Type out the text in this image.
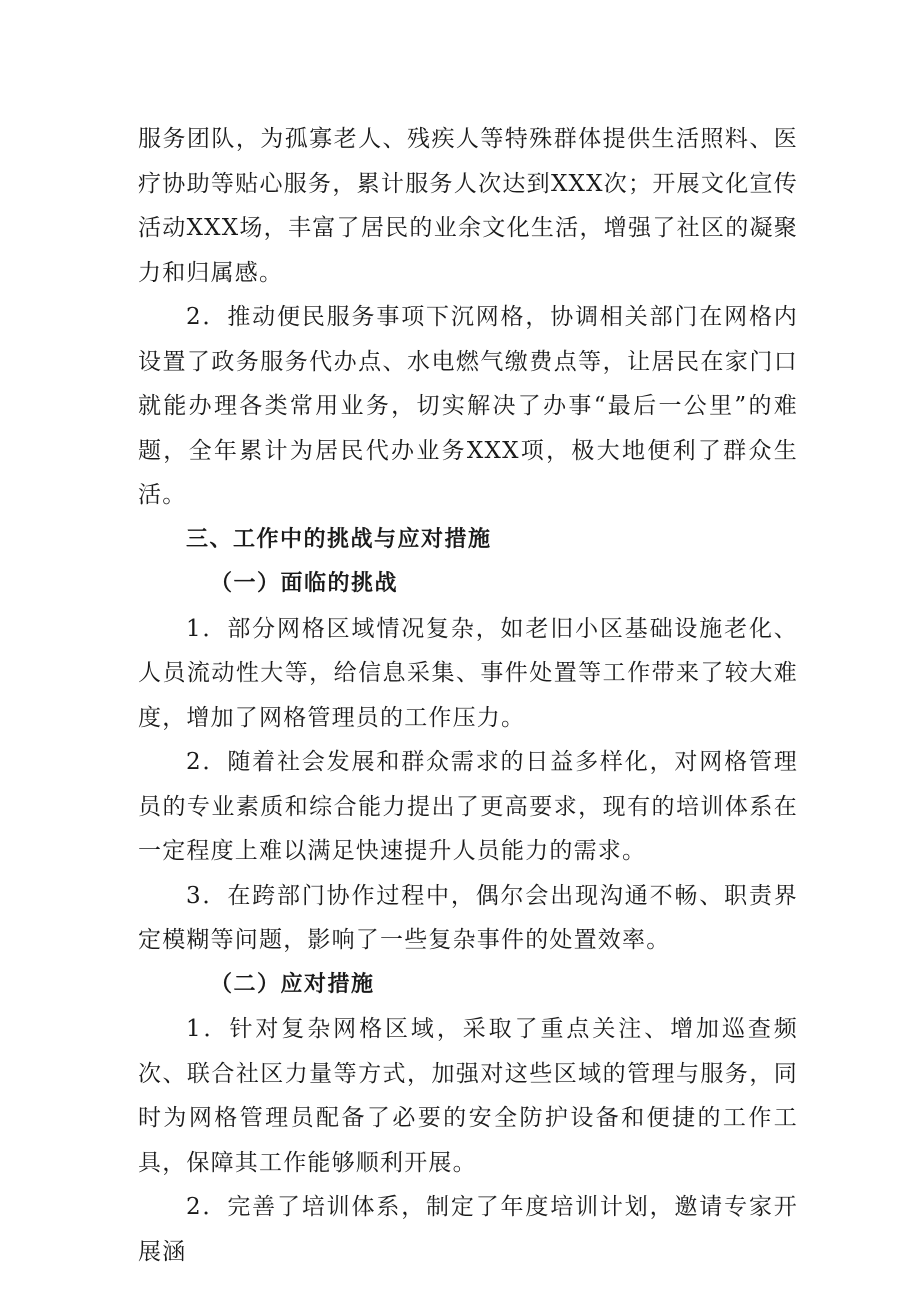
服务团队，为孤寡老人、残疾人等特殊群体提供生活照料、医疗协助等贴心服务，累计服务人次达到XXX次；开展文化宣传活动XXX场，丰富了居民的业余文化生活，增强了社区的凝聚力和归属感。

2．推动便民服务事项下沉网格，协调相关部门在网格内设置了政务服务代办点、水电燃气缴费点等，让居民在家门口就能办理各类常用业务，切实解决了办事“最后一公里”的难题，全年累计为居民代办业务XXX项，极大地便利了群众生活。

三、工作中的挑战与应对措施

（一）面临的挑战

1．部分网格区域情况复杂，如老旧小区基础设施老化、人员流动性大等，给信息采集、事件处置等工作带来了较大难度，增加了网格管理员的工作压力。

2．随着社会发展和群众需求的日益多样化，对网格管理员的专业素质和综合能力提出了更高要求，现有的培训体系在一定程度上难以满足快速提升人员能力的需求。

3．在跨部门协作过程中，偶尔会出现沟通不畅、职责界定模糊等问题，影响了一些复杂事件的处置效率。

（二）应对措施

1．针对复杂网格区域，采取了重点关注、增加巡查频次、联合社区力量等方式，加强对这些区域的管理与服务，同时为网格管理员配备了必要的安全防护设备和便捷的工作工具，保障其工作能够顺利开展。

2．完善了培训体系，制定了年度培训计划，邀请专家开展涵
